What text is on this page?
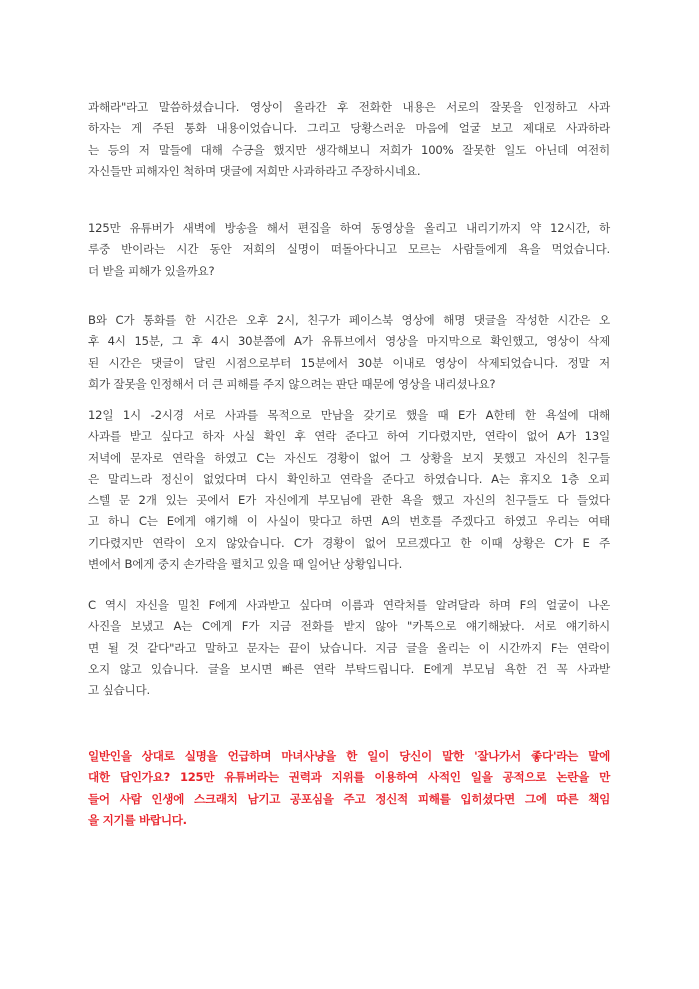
과해라"라고 말씀하셨습니다. 영상이 올라간 후 전화한 내용은 서로의 잘못을 인정하고 사과
하자는 게 주된 통화 내용이었습니다. 그리고 당황스러운 마음에 얼굴 보고 제대로 사과하라
는 등의 저 말들에 대해 수긍을 했지만 생각해보니 저희가 100% 잘못한 일도 아닌데 여전히
자신들만 피해자인 척하며 댓글에 저희만 사과하라고 주장하시네요.
125만 유튜버가 새벽에 방송을 해서 편집을 하여 동영상을 올리고 내리기까지 약 12시간, 하
루중 반이라는 시간 동안 저희의 실명이 떠돌아다니고 모르는 사람들에게 욕을 먹었습니다.
더 받을 피해가 있을까요?
B와 C가 통화를 한 시간은 오후 2시, 친구가 페이스북 영상에 해명 댓글을 작성한 시간은 오
후 4시 15분, 그 후 4시 30분쯤에 A가 유튜브에서 영상을 마지막으로 확인했고, 영상이 삭제
된 시간은 댓글이 달린 시점으로부터 15분에서 30분 이내로 영상이 삭제되었습니다. 정말 저
희가 잘못을 인정해서 더 큰 피해를 주지 않으려는 판단 때문에 영상을 내리셨나요?
12일 1시 -2시경 서로 사과를 목적으로 만남을 갖기로 했을 때 E가 A한테 한 욕설에 대해
사과를 받고 싶다고 하자 사실 확인 후 연락 준다고 하여 기다렸지만, 연락이 없어 A가 13일
저녁에 문자로 연락을 하였고 C는 자신도 경황이 없어 그 상황을 보지 못했고 자신의 친구들
은 말리느라 정신이 없었다며 다시 확인하고 연락을 준다고 하였습니다. A는 휴지오 1층 오피
스텔 문 2개 있는 곳에서 E가 자신에게 부모님에 관한 욕을 했고 자신의 친구들도 다 들었다
고 하니 C는 E에게 얘기해 이 사실이 맞다고 하면 A의 번호를 주겠다고 하였고 우리는 여태
기다렸지만 연락이 오지 않았습니다. C가 경황이 없어 모르겠다고 한 이때 상황은 C가 E 주
변에서 B에게 중지 손가락을 펼치고 있을 때 일어난 상황입니다.
C 역시 자신을 밀친 F에게 사과받고 싶다며 이름과 연락처를 알려달라 하며 F의 얼굴이 나온
사진을 보냈고 A는 C에게 F가 지금 전화를 받지 않아 "카톡으로 얘기해놨다. 서로 얘기하시
면 될 것 같다"라고 말하고 문자는 끝이 났습니다. 지금 글을 올리는 이 시간까지 F는 연락이
오지 않고 있습니다. 글을 보시면 빠른 연락 부탁드립니다. E에게 부모님 욕한 건 꼭 사과받
고 싶습니다.
일반인을 상대로 실명을 언급하며 마녀사냥을 한 일이 당신이 말한 '잘나가서 좋다'라는 말에
대한 답인가요? 125만 유튜버라는 권력과 지위를 이용하여 사적인 일을 공적으로 논란을 만
들어 사람 인생에 스크래치 남기고 공포심을 주고 정신적 피해를 입히셨다면 그에 따른 책임
을 지기를 바랍니다.
